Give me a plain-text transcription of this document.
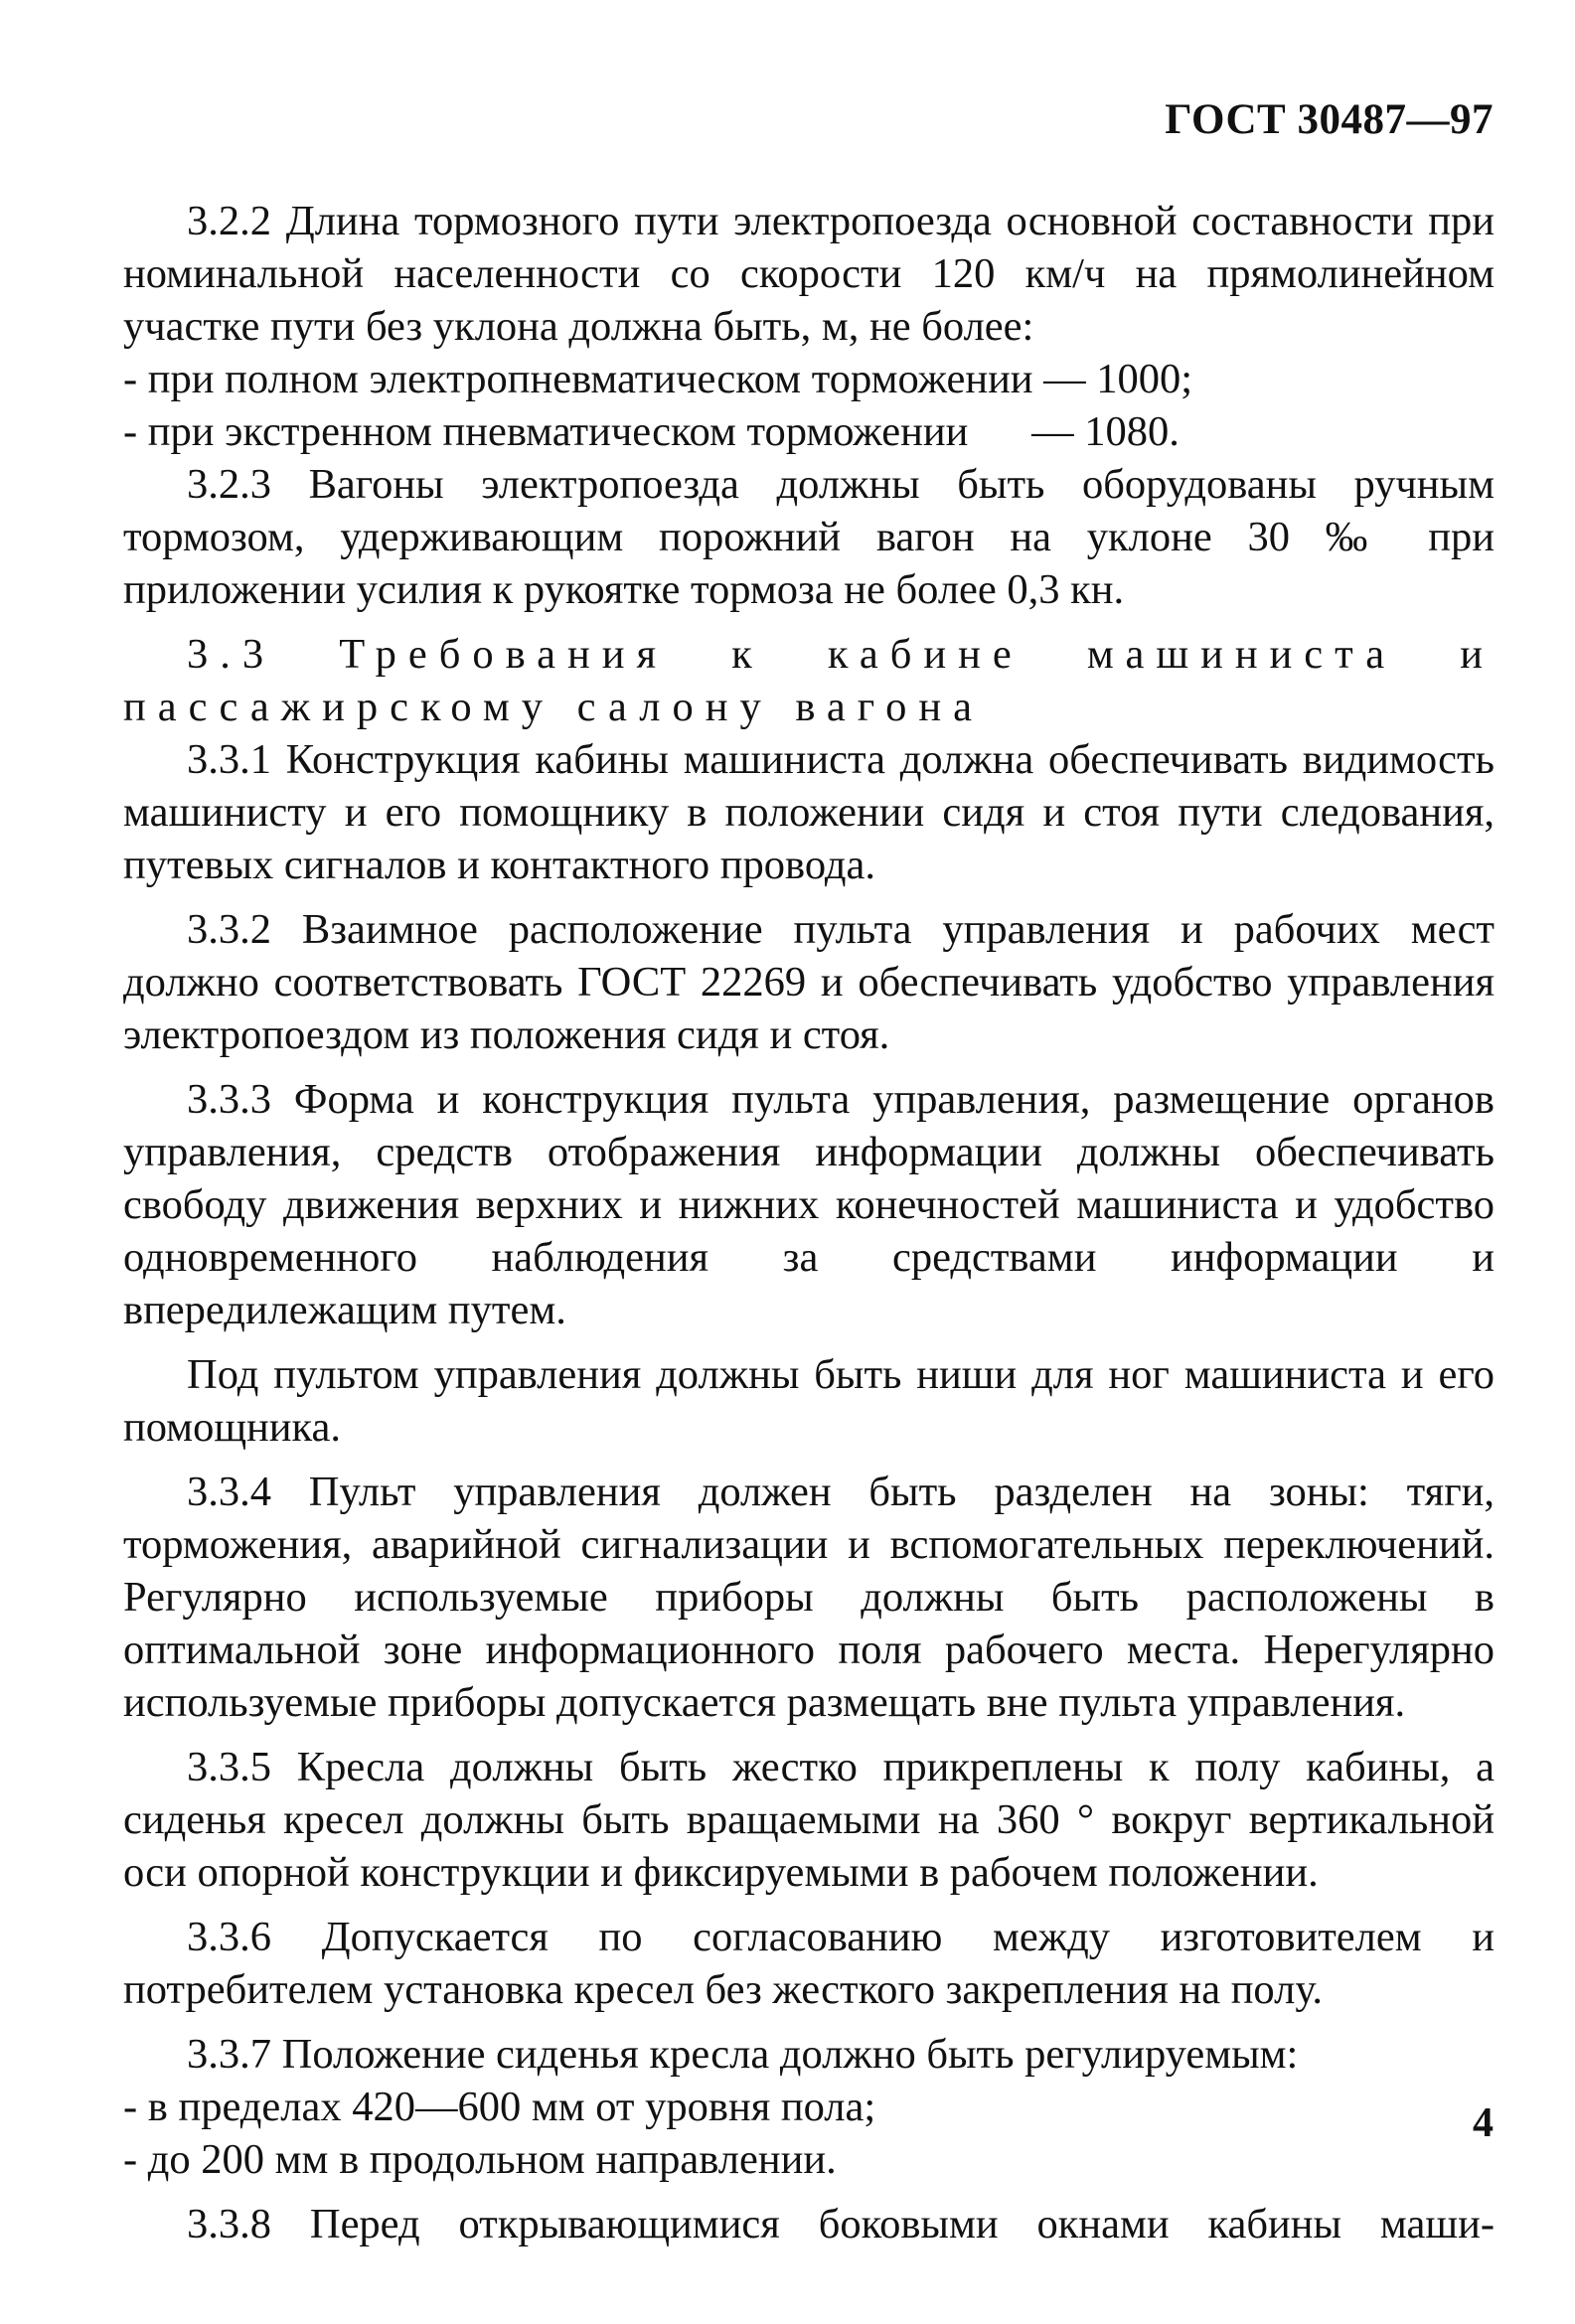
ГОСТ 30487—97

3.2.2 Длина тормозного пути электропоезда основной составности при номинальной населенности со скорости 120 км/ч на прямолинейном участке пути без уклона должна быть, м, не более:

- при полном электропневматическом торможении — 1000;

- при экстренном пневматическом торможении      — 1080.

3.2.3 Вагоны электропоезда должны быть оборудованы ручным тормозом, удерживающим порожний вагон на уклоне 30 ‰ при приложении усилия к рукоятке тормоза не более 0,3 кн.

3.3 Требования к кабине машиниста и

пассажирскому салону вагона

3.3.1 Конструкция кабины машиниста должна обеспечивать видимость машинисту и его помощнику в положении сидя и стоя пути следования, путевых сигналов и контактного провода.

3.3.2 Взаимное расположение пульта управления и рабочих мест должно соответствовать ГОСТ 22269 и обеспечивать удобство управления электропоездом из положения сидя и стоя.

3.3.3 Форма и конструкция пульта управления, размещение органов управления, средств отображения информации должны обеспечивать свободу движения верхних и нижних конечностей машиниста и удобство одновременного наблюдения за средствами информации и впередилежащим путем.

Под пультом управления должны быть ниши для ног машиниста и его помощника.

3.3.4 Пульт управления должен быть разделен на зоны: тяги, торможения, аварийной сигнализации и вспомогательных переключений. Регулярно используемые приборы должны быть расположены в оптимальной зоне информационного поля рабочего места. Нерегулярно используемые приборы допускается размещать вне пульта управления.

3.3.5 Кресла должны быть жестко прикреплены к полу кабины, а сиденья кресел должны быть вращаемыми на 360 ° вокруг вертикальной оси опорной конструкции и фиксируемыми в рабочем положении.

3.3.6 Допускается по согласованию между изготовителем и потребителем установка кресел без жесткого закрепления на полу.

3.3.7 Положение сиденья кресла должно быть регулируемым:

- в пределах 420—600 мм от уровня пола;

- до 200 мм в продольном направлении.

3.3.8 Перед открывающимися боковыми окнами кабины маши-

4
